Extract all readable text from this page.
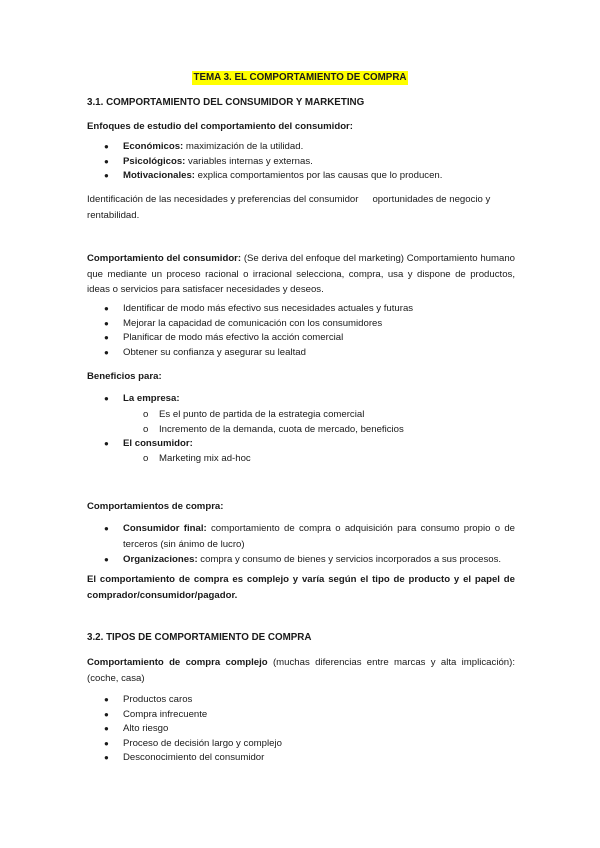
TEMA 3. EL COMPORTAMIENTO DE COMPRA
3.1. COMPORTAMIENTO DEL CONSUMIDOR Y MARKETING
Enfoques de estudio del comportamiento del consumidor:
● Económicos: maximización de la utilidad.
● Psicológicos: variables internas y externas.
● Motivacionales: explica comportamientos por las causas que lo producen.
Identificación de las necesidades y preferencias del consumidor oportunidades de negocio y rentabilidad.
Comportamiento del consumidor: (Se deriva del enfoque del marketing) Comportamiento humano que mediante un proceso racional o irracional selecciona, compra, usa y dispone de productos, ideas o servicios para satisfacer necesidades y deseos.
● Identificar de modo más efectivo sus necesidades actuales y futuras
● Mejorar la capacidad de comunicación con los consumidores
● Planificar de modo más efectivo la acción comercial
● Obtener su confianza y asegurar su lealtad
Beneficios para:
● La empresa:
o Es el punto de partida de la estrategia comercial
o Incremento de la demanda, cuota de mercado, beneficios
● El consumidor:
o Marketing mix ad-hoc
Comportamientos de compra:
● Consumidor final: comportamiento de compra o adquisición para consumo propio o de terceros (sin ánimo de lucro)
● Organizaciones: compra y consumo de bienes y servicios incorporados a sus procesos.
El comportamiento de compra es complejo y varía según el tipo de producto y el papel de comprador/consumidor/pagador.
3.2. TIPOS DE COMPORTAMIENTO DE COMPRA
Comportamiento de compra complejo (muchas diferencias entre marcas y alta implicación): (coche, casa)
● Productos caros
● Compra infrecuente
● Alto riesgo
● Proceso de decisión largo y complejo
● Desconocimiento del consumidor
